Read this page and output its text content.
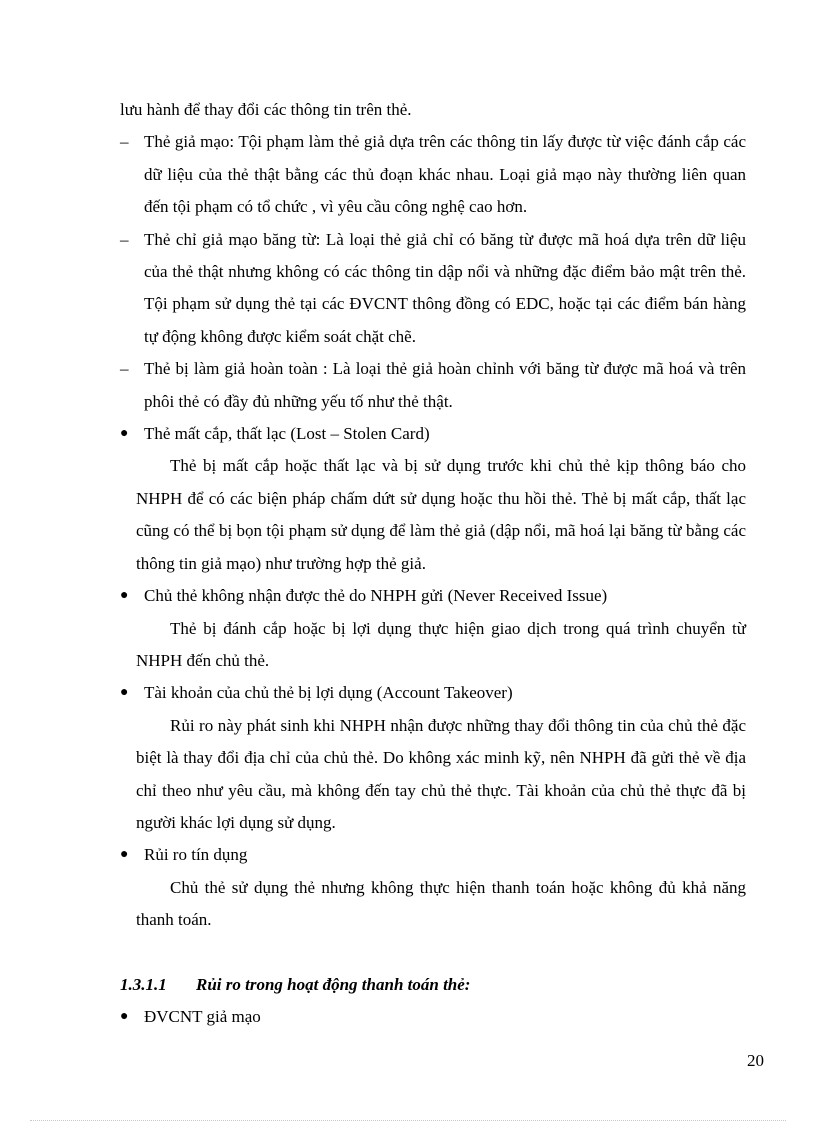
lưu hành để thay đổi các thông tin trên thẻ.

– Thẻ giả mạo: Tội phạm làm thẻ giả dựa trên các thông tin lấy được từ việc đánh cắp các dữ liệu của thẻ thật bằng các thủ đoạn khác nhau. Loại giả mạo này thường liên quan đến tội phạm có tổ chức , vì yêu cầu công nghệ cao hơn.
– Thẻ chỉ giả mạo băng từ: Là loại thẻ giả chỉ có băng từ được mã hoá dựa trên dữ liệu của thẻ thật nhưng không có các thông tin dập nổi và những đặc điểm bảo mật trên thẻ. Tội phạm sử dụng thẻ tại các ĐVCNT thông đồng có EDC, hoặc tại các điểm bán hàng tự động không được kiểm soát chặt chẽ.
– Thẻ bị làm giả hoàn toàn : Là loại thẻ giả hoàn chỉnh với băng từ được mã hoá và trên phôi thẻ có đầy đủ những yếu tố như thẻ thật.
● Thẻ mất cắp, thất lạc (Lost – Stolen Card)

Thẻ bị mất cắp hoặc thất lạc và bị sử dụng trước khi chủ thẻ kịp thông báo cho NHPH để có các biện pháp chấm dứt sử dụng hoặc thu hồi thẻ. Thẻ bị mất cắp, thất lạc cũng có thể bị bọn tội phạm sử dụng để làm thẻ giả (dập nổi, mã hoá lại băng từ bằng các thông tin giả mạo) như trường hợp thẻ giả.

● Chủ thẻ không nhận được thẻ do NHPH gửi (Never Received Issue)

Thẻ bị đánh cắp hoặc bị lợi dụng thực hiện giao dịch trong quá trình chuyển từ NHPH đến chủ thẻ.

● Tài khoản của chủ thẻ bị lợi dụng (Account Takeover)

Rủi ro này phát sinh khi NHPH nhận được những thay đổi thông tin của chủ thẻ đặc biệt là thay đổi địa chỉ của chủ thẻ. Do không xác minh kỹ, nên NHPH đã gửi thẻ về địa chỉ theo như yêu cầu, mà không đến tay chủ thẻ thực. Tài khoản của chủ thẻ thực đã bị người khác lợi dụng sử dụng.

● Rủi ro tín dụng

Chủ thẻ sử dụng thẻ nhưng không thực hiện thanh toán hoặc không đủ khả năng thanh toán.

1.3.1.1 Rủi ro trong hoạt động thanh toán thẻ:

● ĐVCNT giả mạo
20
